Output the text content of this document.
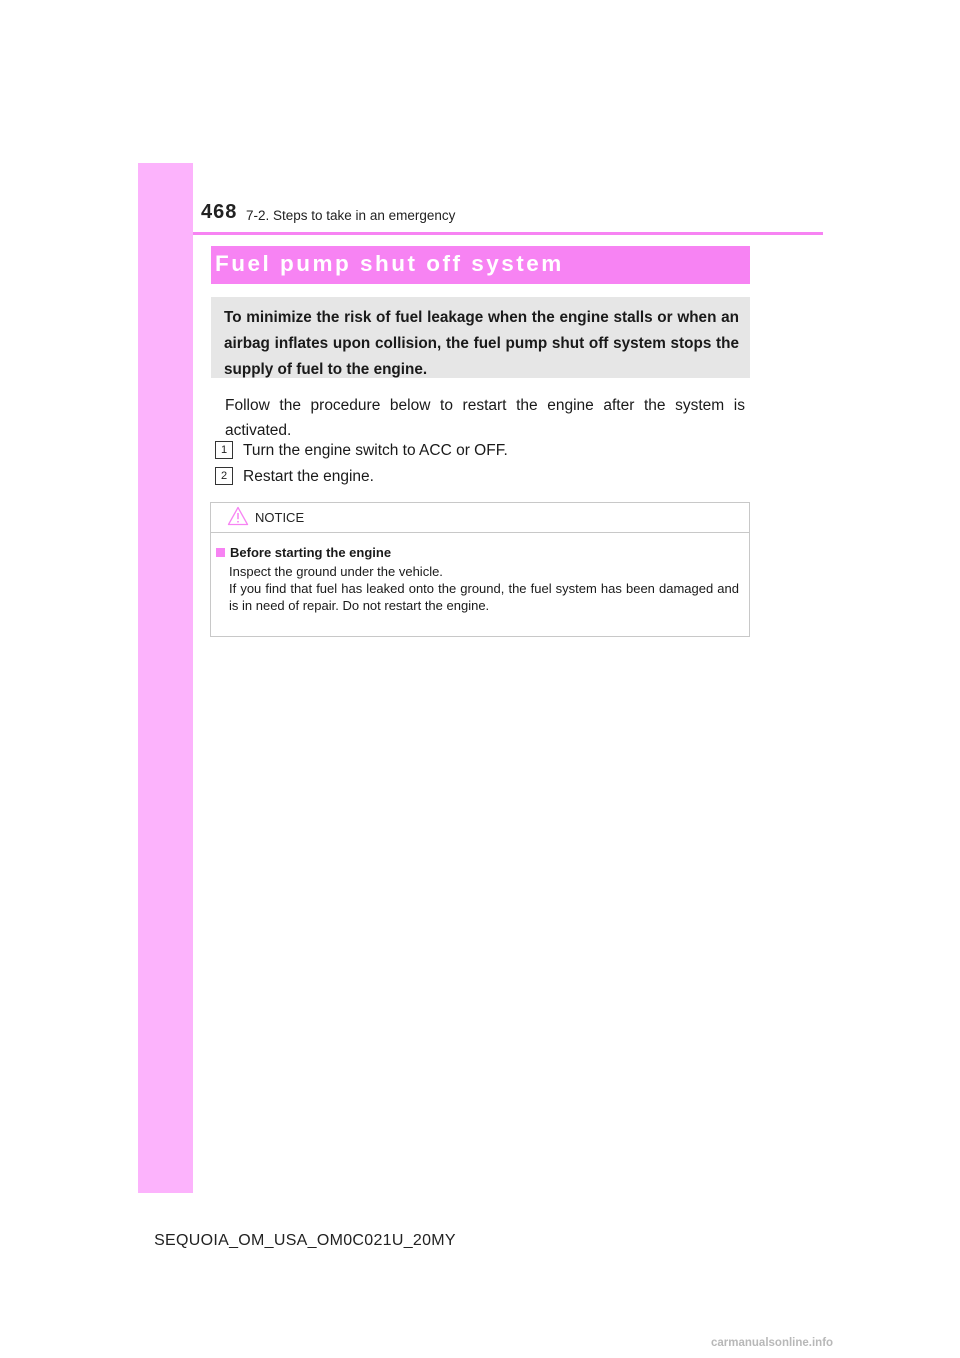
468 7-2. Steps to take in an emergency
Fuel pump shut off system
To minimize the risk of fuel leakage when the engine stalls or when an airbag inflates upon collision, the fuel pump shut off system stops the supply of fuel to the engine.
Follow the procedure below to restart the engine after the system is activated.
1	Turn the engine switch to ACC or OFF.
2	Restart the engine.
NOTICE
Before starting the engine
Inspect the ground under the vehicle.
If you find that fuel has leaked onto the ground, the fuel system has been damaged and is in need of repair. Do not restart the engine.
SEQUOIA_OM_USA_OM0C021U_20MY
carmanualsonline.info
